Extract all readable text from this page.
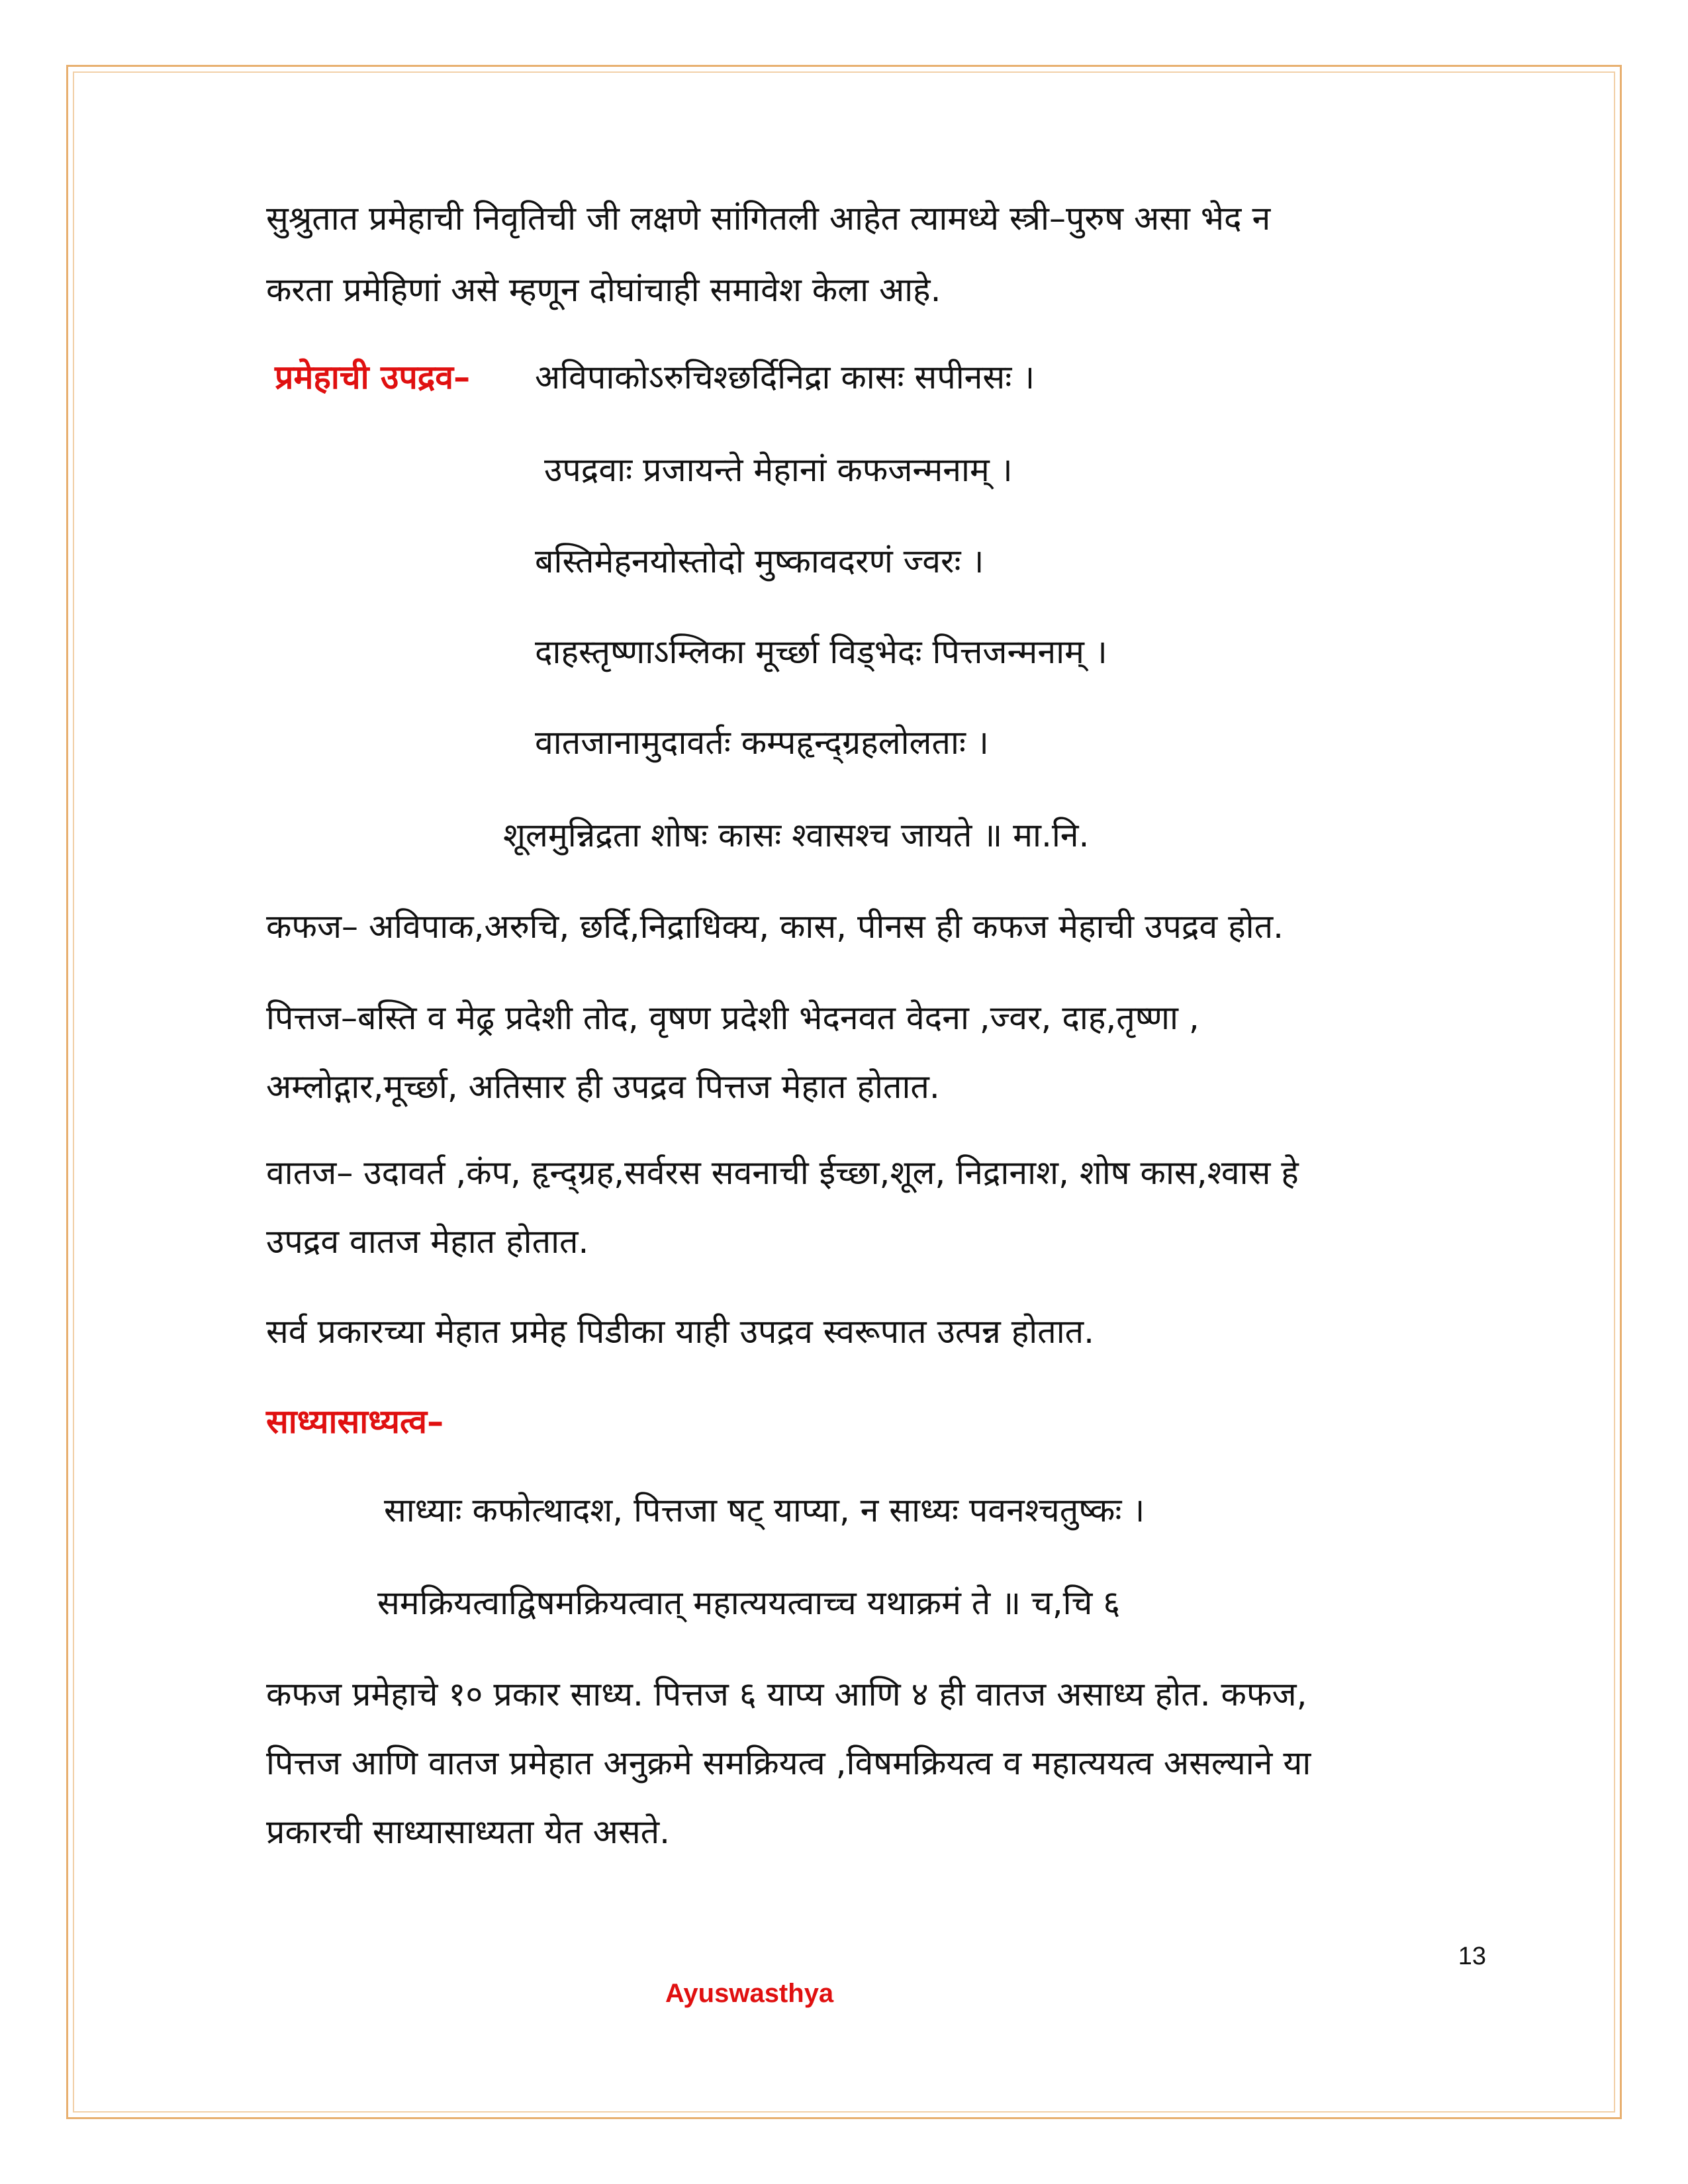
सुश्रुतात प्रमेहाची निवृतिची जी लक्षणे सांगितली आहेत त्यामध्ये स्त्री–पुरुष असा भेद न
करता प्रमेहिणां असे म्हणून दोघांचाही समावेश केला आहे.
प्रमेहाची उपद्रव– अविपाकोऽरुचिश्छर्दिनिद्रा कासः सपीनसः ।
उपद्रवाः प्रजायन्ते मेहानां कफजन्मनाम् ।
बस्तिमेहनयोस्तोदो मुष्कावदरणं ज्वरः ।
दाहस्तृष्णाऽम्लिका मूर्च्छा विड्भेदः पित्तजन्मनाम् ।
वातजानामुदावर्तः कम्पहृन्द्ग्रहलोलताः ।
शूलमुन्निद्रता शोषः कासः श्वासश्च जायते ॥ मा.नि.
कफज– अविपाक,अरुचि, छर्दि,निद्राधिक्य, कास, पीनस ही कफज मेहाची उपद्रव होत.
पित्तज–बस्ति व मेढ्र प्रदेशी तोद, वृषण प्रदेशी भेदनवत वेदना ,ज्वर, दाह,तृष्णा ,
अम्लोद्गार,मूर्च्छा, अतिसार ही उपद्रव पित्तज मेहात होतात.
वातज– उदावर्त ,कंप, हृन्द्ग्रह,सर्वरस सवनाची ईच्छा,शूल, निद्रानाश, शोष कास,श्वास हे
उपद्रव वातज मेहात होतात.
सर्व प्रकारच्या मेहात प्रमेह पिडीका याही उपद्रव स्वरूपात उत्पन्न होतात.
साध्यासाध्यत्व–
साध्याः कफोत्थादश, पित्तजा षट् याप्या, न साध्यः पवनश्चतुष्कः ।
समक्रियत्वाद्विषमक्रियत्वात् महात्ययत्वाच्च यथाक्रमं ते ॥ च,चि ६
कफज प्रमेहाचे १० प्रकार साध्य. पित्तज ६ याप्य आणि ४ ही वातज असाध्य होत. कफज,
पित्तज आणि वातज प्रमेहात अनुक्रमे समक्रियत्व ,विषमक्रियत्व व महात्ययत्व असल्याने या
प्रकारची साध्यासाध्यता येत असते.
13
Ayuswasthya
